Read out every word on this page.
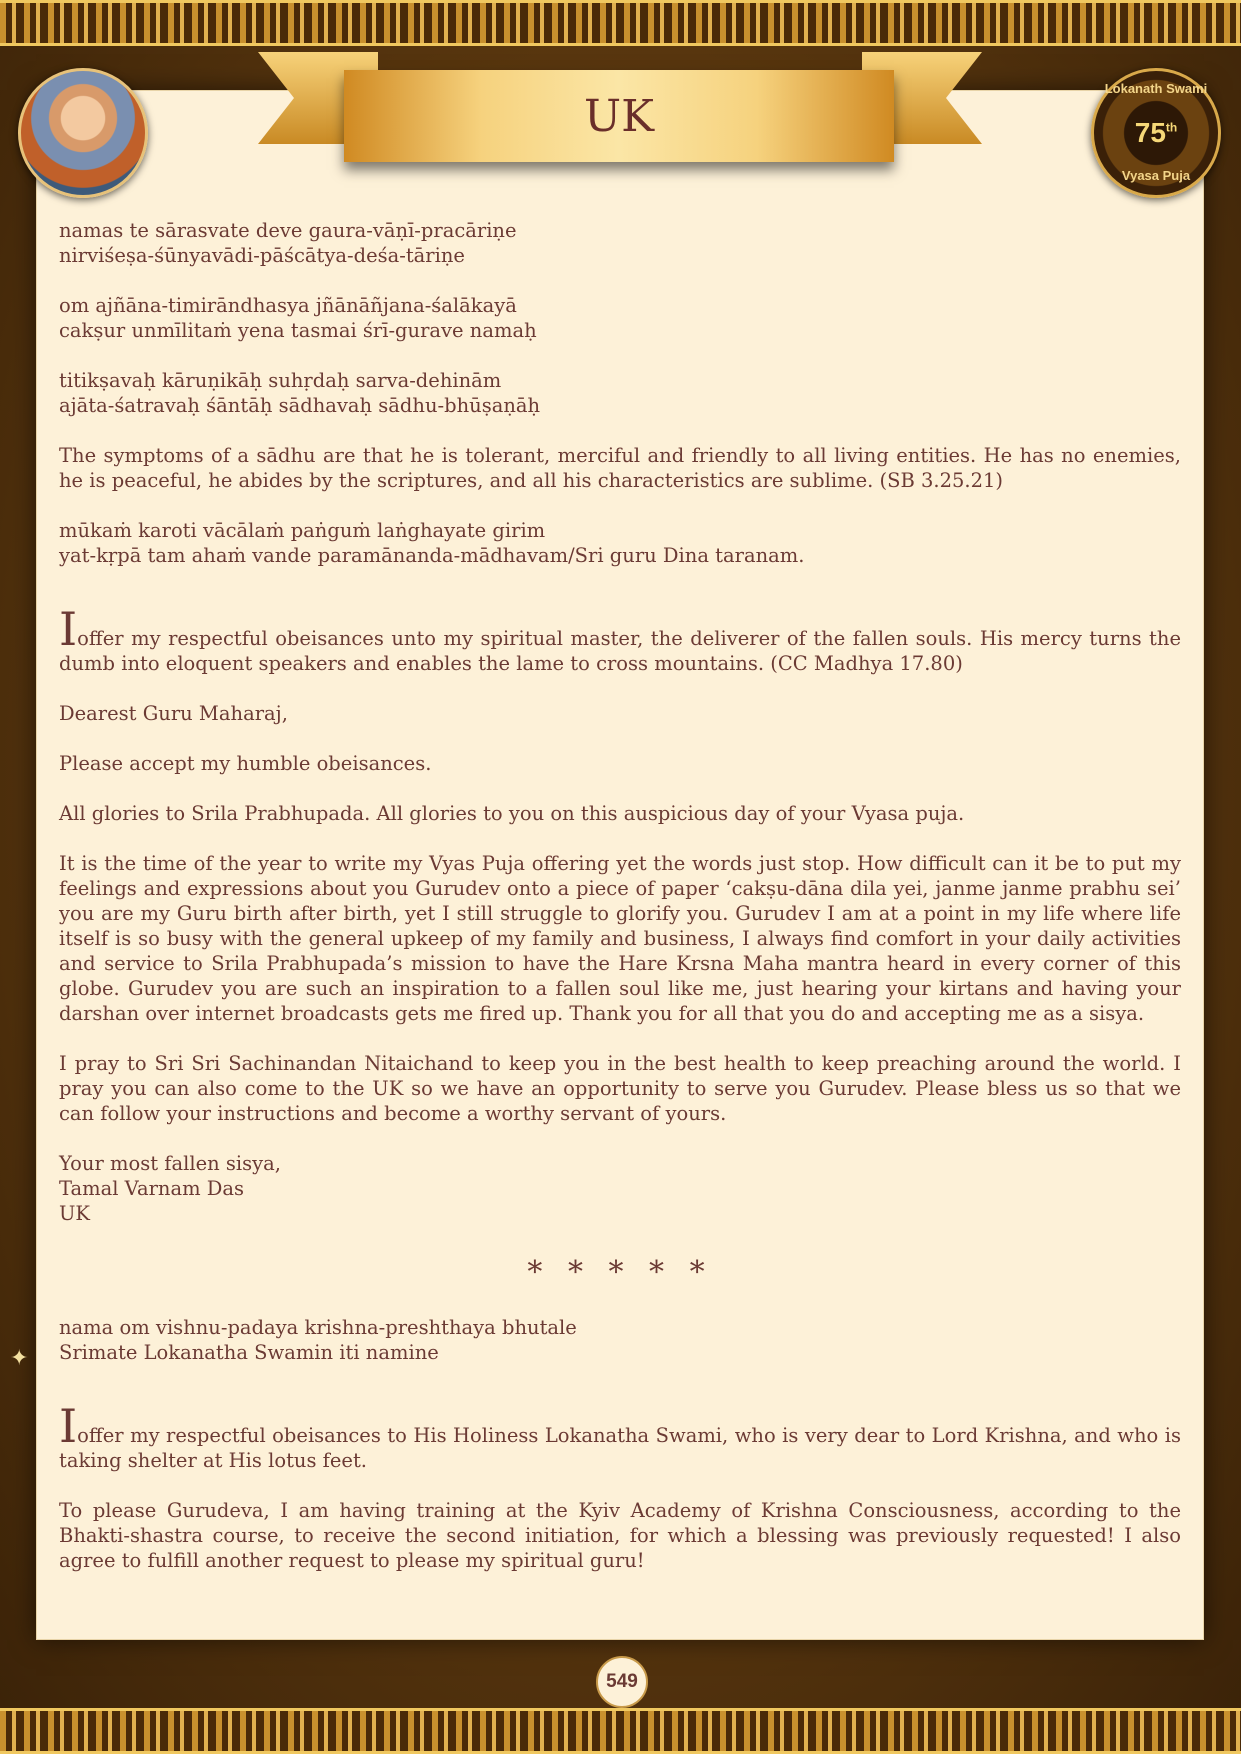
Lokanath Swami
75th
Vyasa Puja
UK

namas te sārasvate deve gaura-vāṇī-pracāriṇe
nirviśeṣa-śūnyavādi-pāścātya-deśa-tāriṇe

om ajñāna-timirāndhasya jñānāñjana-śalākayā
cakṣur unmīlitaṁ yena tasmai śrī-gurave namaḥ

titikṣavaḥ kāruṇikāḥ suhṛdaḥ sarva-dehinām
ajāta-śatravaḥ śāntāḥ sādhavaḥ sādhu-bhūṣaṇāḥ

The symptoms of a sādhu are that he is tolerant, merciful and friendly to all living entities. He has no enemies, he is peaceful, he abides by the scriptures, and all his characteristics are sublime. (SB 3.25.21)

mūkaṁ karoti vācālaṁ paṅguṁ laṅghayate girim
yat-kṛpā tam ahaṁ vande paramānanda-mādhavam/Sri guru Dina taranam.

Ioffer my respectful obeisances unto my spiritual master, the deliverer of the fallen souls. His mercy turns the dumb into eloquent speakers and enables the lame to cross mountains. (CC Madhya 17.80)

Dearest Guru Maharaj,

Please accept my humble obeisances.

All glories to Srila Prabhupada. All glories to you on this auspicious day of your Vyasa puja.

It is the time of the year to write my Vyas Puja offering yet the words just stop. How difficult can it be to put my feelings and expressions about you Gurudev onto a piece of paper ‘cakṣu-dāna dila yei, janme janme prabhu sei’ you are my Guru birth after birth, yet I still struggle to glorify you. Gurudev I am at a point in my life where life itself is so busy with the general upkeep of my family and business, I always find comfort in your daily activities and service to Srila Prabhupada’s mission to have the Hare Krsna Maha mantra heard in every corner of this globe. Gurudev you are such an inspiration to a fallen soul like me, just hearing your kirtans and having your darshan over internet broadcasts gets me fired up. Thank you for all that you do and accepting me as a sisya.

I pray to Sri Sri Sachinandan Nitaichand to keep you in the best health to keep preaching around the world. I pray you can also come to the UK so we have an opportunity to serve you Gurudev. Please bless us so that we can follow your instructions and become a worthy servant of yours.

Your most fallen sisya,
Tamal Varnam Das
UK

* * * * *

nama om vishnu-padaya krishna-preshthaya bhutale
Srimate Lokanatha Swamin iti namine

Ioffer my respectful obeisances to His Holiness Lokanatha Swami, who is very dear to Lord Krishna, and who is taking shelter at His lotus feet.

To please Gurudeva, I am having training at the Kyiv Academy of Krishna Consciousness, according to the Bhakti-shastra course, to receive the second initiation, for which a blessing was previously requested! I also agree to fulfill another request to please my spiritual guru!

✦
549
